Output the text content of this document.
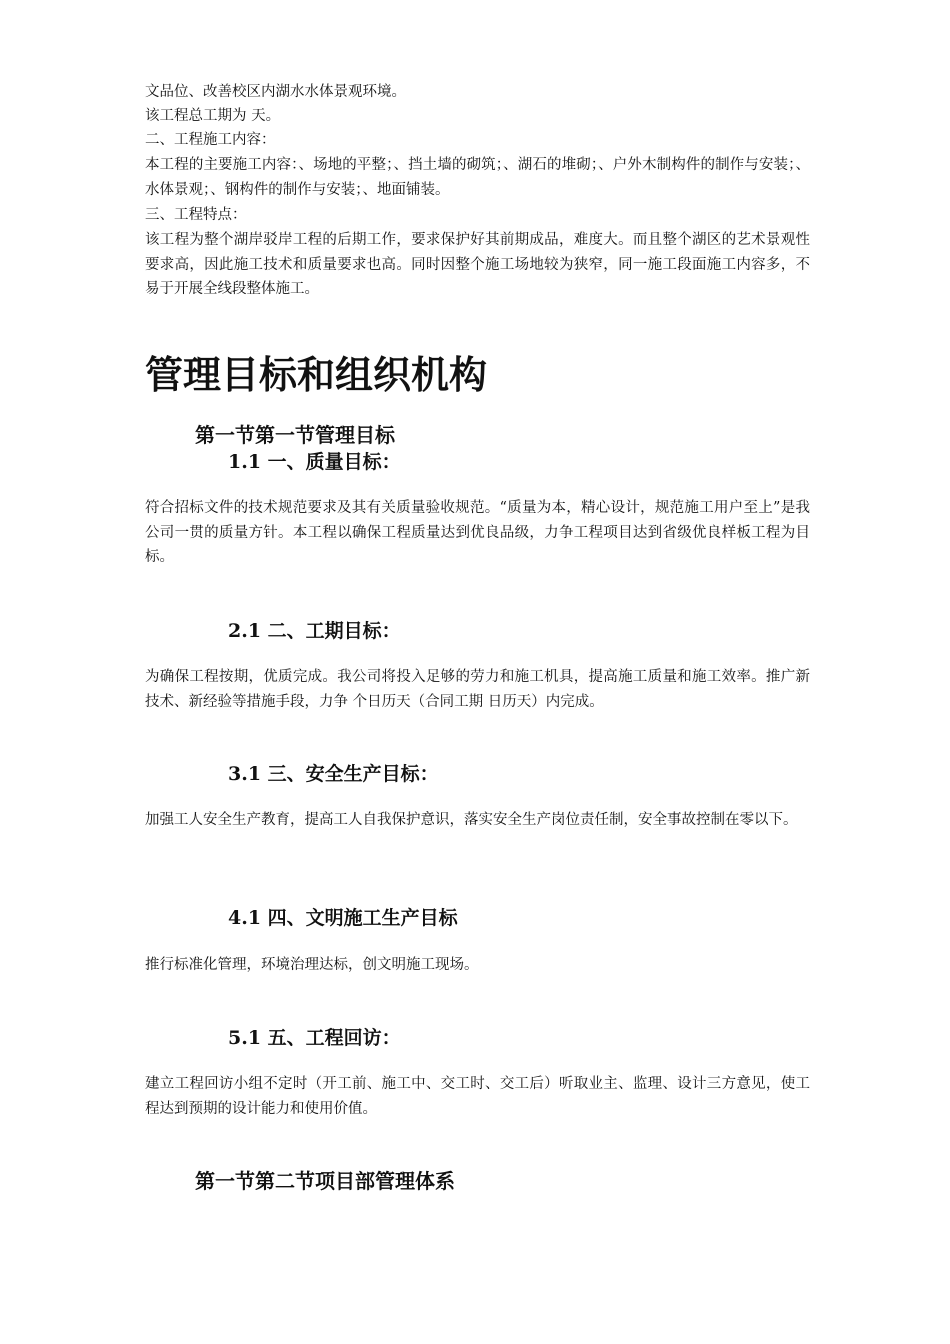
文品位、改善校区内湖水水体景观环境。

该工程总工期为 天。

二、工程施工内容：

本工程的主要施工内容：、场地的平整；、挡土墙的砌筑；、湖石的堆砌；、户外木制构件的制作与安装；、水体景观；、钢构件的制作与安装；、地面铺装。

三、工程特点：

该工程为整个湖岸驳岸工程的后期工作，要求保护好其前期成品，难度大。而且整个湖区的艺术景观性要求高，因此施工技术和质量要求也高。同时因整个施工场地较为狭窄，同一施工段面施工内容多，不易于开展全线段整体施工。

管理目标和组织机构
第一节第一节管理目标
1.1 一、质量目标：

符合招标文件的技术规范要求及其有关质量验收规范。“质量为本，精心设计，规范施工用户至上”是我公司一贯的质量方针。本工程以确保工程质量达到优良品级，力争工程项目达到省级优良样板工程为目标。

2.1 二、工期目标：

为确保工程按期，优质完成。我公司将投入足够的劳力和施工机具，提高施工质量和施工效率。推广新技术、新经验等措施手段，力争 个日历天（合同工期 日历天）内完成。

3.1 三、安全生产目标：

加强工人安全生产教育，提高工人自我保护意识，落实安全生产岗位责任制，安全事故控制在零以下。

4.1 四、文明施工生产目标

推行标准化管理，环境治理达标，创文明施工现场。

5.1 五、工程回访：

建立工程回访小组不定时（开工前、施工中、交工时、交工后）听取业主、监理、设计三方意见，使工程达到预期的设计能力和使用价值。

第一节第二节项目部管理体系
